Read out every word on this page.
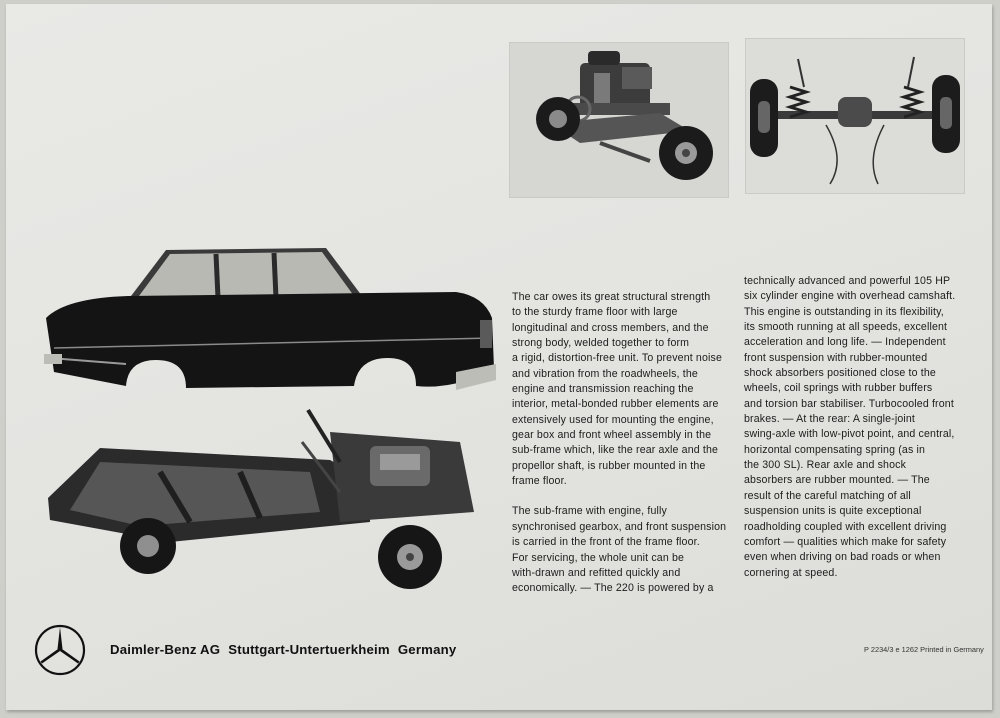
The car owes its great structural strength
to the sturdy frame floor with large
longitudinal and cross members, and the
strong body, welded together to form
a rigid, distortion-free unit. To prevent noise
and vibration from the roadwheels, the
engine and transmission reaching the
interior, metal-bonded rubber elements are
extensively used for mounting the engine,
gear box and front wheel assembly in the
sub-frame which, like the rear axle and the
propellor shaft, is rubber mounted in the
frame floor.

The sub-frame with engine, fully
synchronised gearbox, and front suspension
is carried in the front of the frame floor.
For servicing, the whole unit can be
with-drawn and refitted quickly and
economically. — The 220 is powered by a

technically advanced and powerful 105 HP
six cylinder engine with overhead camshaft.
This engine is outstanding in its flexibility,
its smooth running at all speeds, excellent
acceleration and long life. — Independent
front suspension with rubber-mounted
shock absorbers positioned close to the
wheels, coil springs with rubber buffers
and torsion bar stabiliser. Turbocooled front
brakes. — At the rear: A single-joint
swing-axle with low-pivot point, and central,
horizontal compensating spring (as in
the 300 SL). Rear axle and shock
absorbers are rubber mounted. — The
result of the careful matching of all
suspension units is quite exceptional
roadholding coupled with excellent driving
comfort — qualities which make for safety
even when driving on bad roads or when
cornering at speed.

Daimler-Benz AG Stuttgart-Untertuerkheim Germany	P 2234/3 e 1262 Printed in Germany
